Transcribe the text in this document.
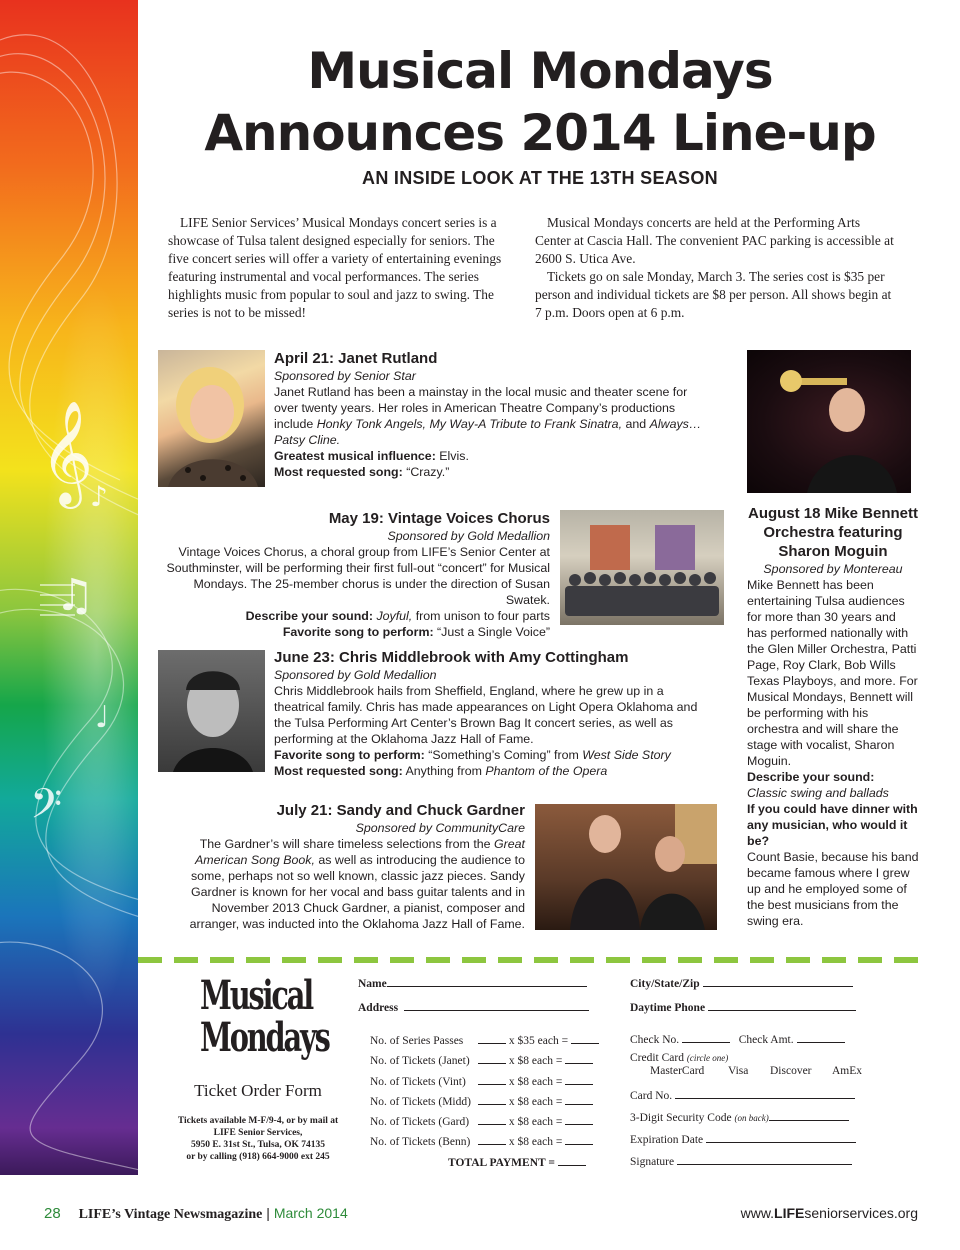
𝄞
♫
♪
𝄢
♩
Musical Mondays
Announces 2014 Line-up
AN INSIDE LOOK AT THE 13TH SEASON

LIFE Senior Services’ Musical Mondays concert series is a showcase of Tulsa talent designed especially for seniors. The five concert series will offer a variety of entertaining evenings featuring instrumental and vocal performances. The series highlights music from popular to soul and jazz to swing. The series is not to be missed!

Musical Mondays concerts are held at the Performing Arts Center at Cascia Hall. The convenient PAC parking is accessible at 2600 S. Utica Ave.

Tickets go on sale Monday, March 3. The series cost is $35 per person and individual tickets are $8 per person. All shows begin at 7 p.m. Doors open at 6 p.m.

April 21: Janet Rutland
Sponsored by Senior Star
Janet Rutland has been a mainstay in the local music and theater scene for over twenty years. Her roles in American Theatre Company’s productions include Honky Tonk Angels, My Way-A Tribute to Frank Sinatra, and Always… Patsy Cline.
Greatest musical influence: Elvis.
Most requested song: “Crazy.”
May 19: Vintage Voices Chorus
Sponsored by Gold Medallion
Vintage Voices Chorus, a choral group from LIFE’s Senior Center at Southminster, will be performing their first full-out “concert” for Musical Mondays. The 25-member chorus is under the direction of Susan Swatek.
Describe your sound: Joyful, from unison to four parts
Favorite song to perform: “Just a Single Voice”
June 23: Chris Middlebrook with Amy Cottingham
Sponsored by Gold Medallion
Chris Middlebrook hails from Sheffield, England, where he grew up in a theatrical family. Chris has made appearances on Light Opera Oklahoma and the Tulsa Performing Art Center’s Brown Bag It concert series, as well as performing at the Oklahoma Jazz Hall of Fame.
Favorite song to perform: “Something’s Coming” from West Side Story
Most requested song: Anything from Phantom of the Opera
July 21: Sandy and Chuck Gardner
Sponsored by CommunityCare
The Gardner’s will share timeless selections from the Great American Song Book, as well as introducing the audience to some, perhaps not so well known, classic jazz pieces. Sandy Gardner is known for her vocal and bass guitar talents and in November 2013 Chuck Gardner, a pianist, composer and arranger, was inducted into the Oklahoma Jazz Hall of Fame.
August 18 Mike Bennett Orchestra featuring Sharon Moguin
Sponsored by Montereau
Mike Bennett has been entertaining Tulsa audiences for more than 30 years and has performed nationally with the Glen Miller Orchestra, Patti Page, Roy Clark, Bob Wills Texas Playboys, and more. For Musical Mondays, Bennett will be performing with his orchestra and will share the stage with vocalist, Sharon Moguin.
Describe your sound:
Classic swing and ballads
If you could have dinner with any musician, who would it be?
Count Basie, because his band became famous where I grew up and he employed some of the best musicians from the swing era.
Musical
Mondays
Ticket Order Form
Tickets available M-F/9-4, or by mail at
LIFE Senior Services,
5950 E. 31st St., Tulsa, OK 74135
or by calling (918) 664-9000 ext 245
Name
Address
No. of Series Passes	x $35 each =
No. of Tickets (Janet)	x $8 each =
No. of Tickets (Vint)	x $8 each =
No. of Tickets (Midd)	x $8 each =
No. of Tickets (Gard)	x $8 each =
No. of Tickets (Benn)	x $8 each =
TOTAL PAYMENT =
City/State/Zip
Daytime Phone
Check No.	Check Amt.
Credit Card (circle one)
MasterCard Visa Discover AmEx
Card No.
3-Digit Security Code (on back)
Expiration Date
Signature
28 LIFE’s Vintage Newsmagazine | March 2014	www.LIFEseniorservices.org
